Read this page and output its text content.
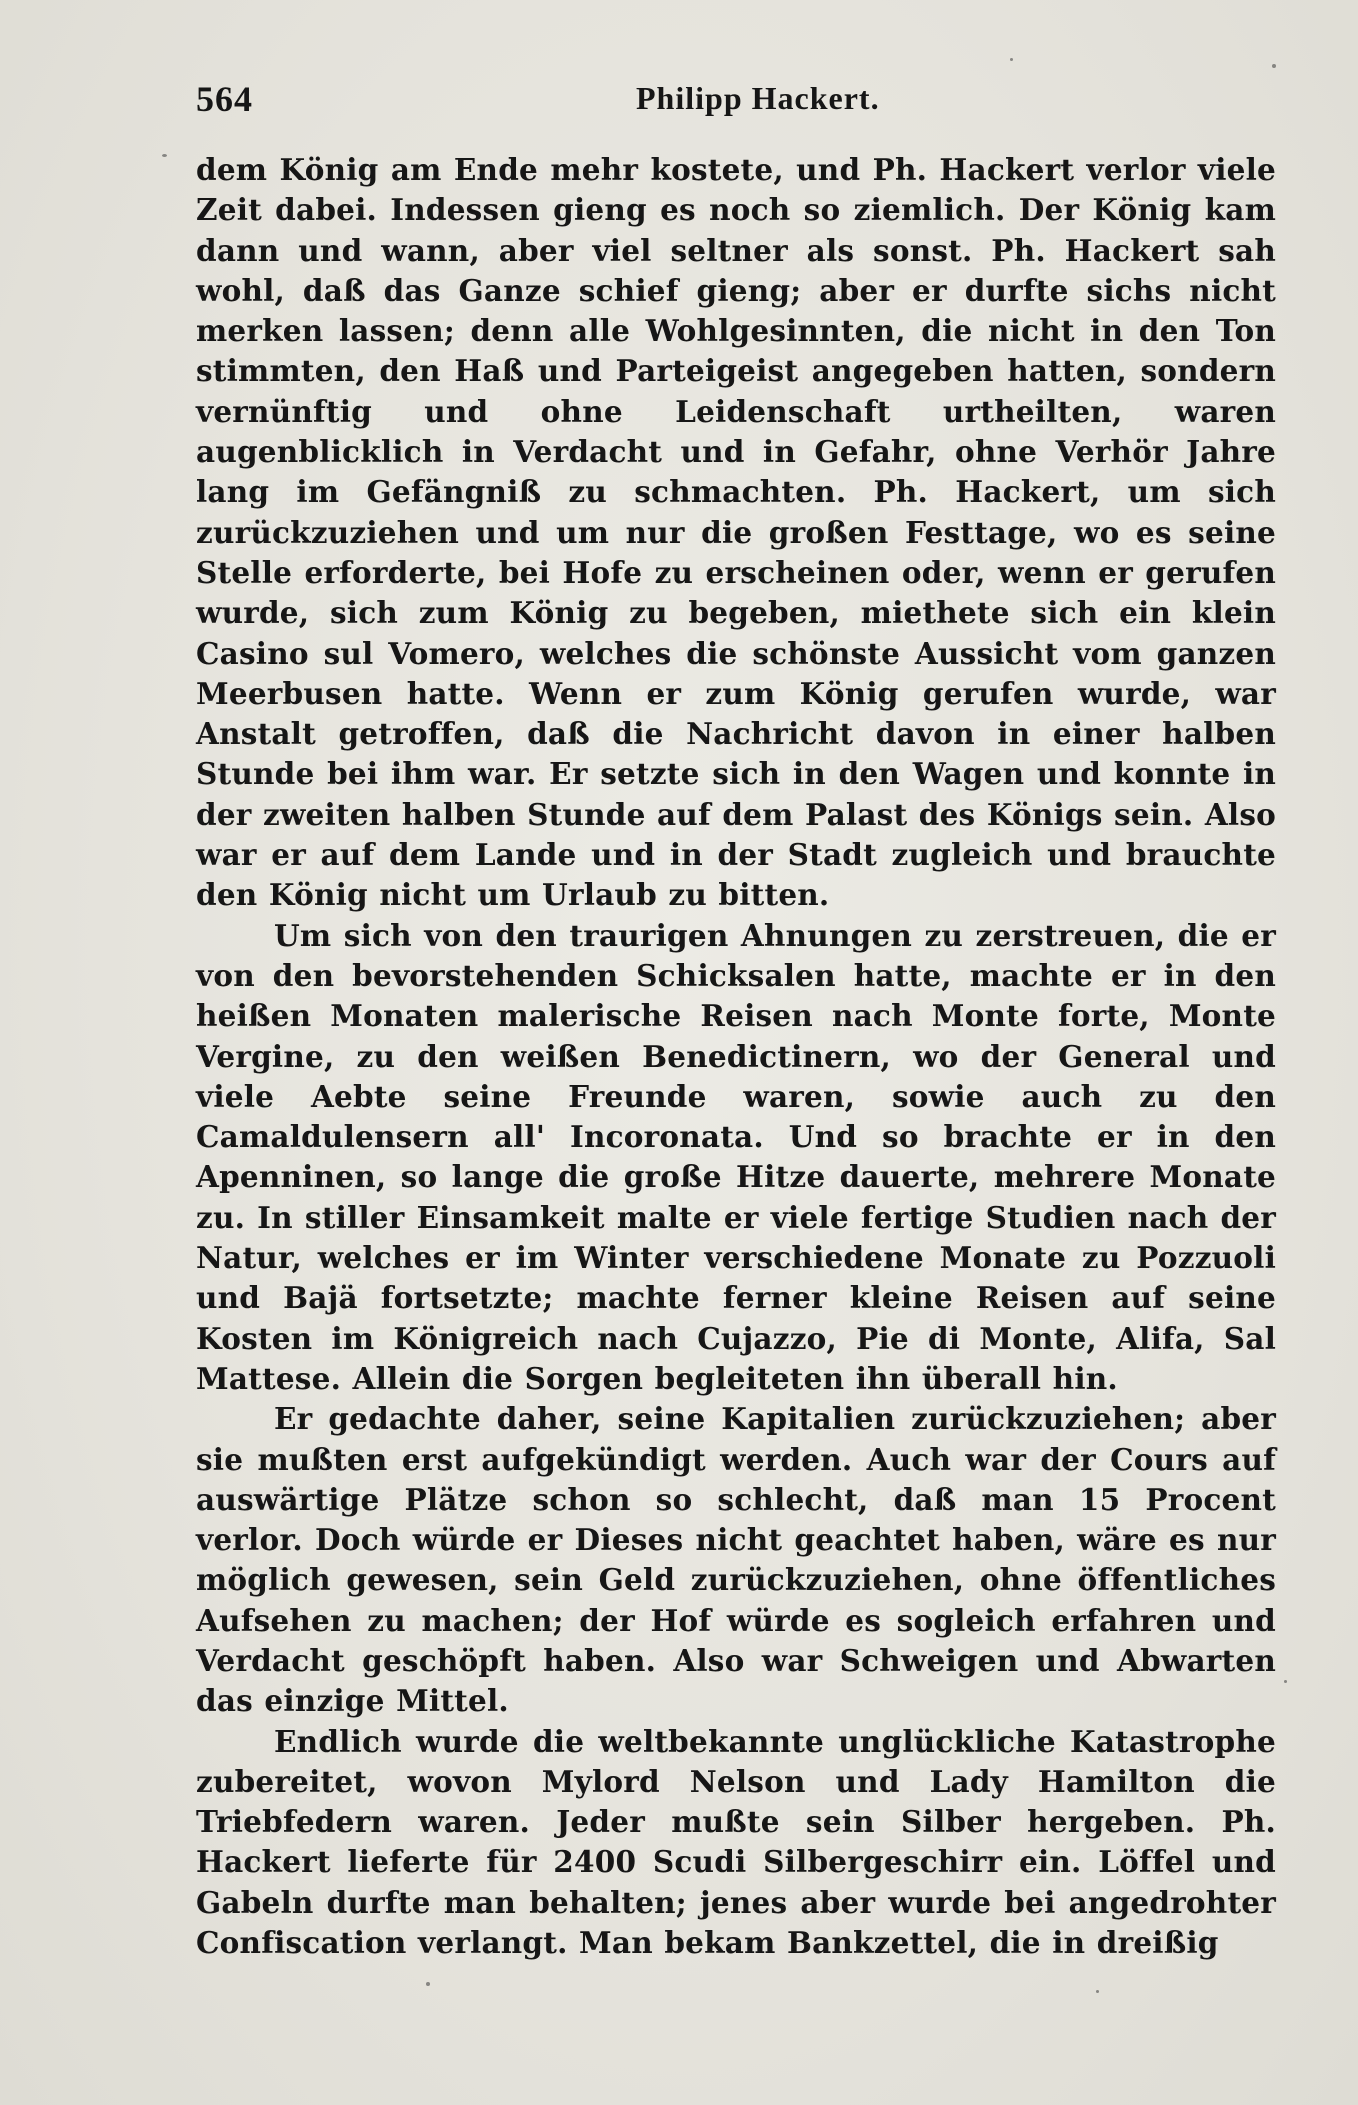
564	Philipp Hackert.

dem König am Ende mehr kostete, und Ph. Hackert verlor viele Zeit dabei. Indessen gieng es noch so ziemlich. Der König kam dann und wann, aber viel seltner als sonst. Ph. Hackert sah wohl, daß das Ganze schief gieng; aber er durfte sichs nicht merken lassen; denn alle Wohlgesinnten, die nicht in den Ton stimmten, den Haß und Parteigeist angegeben hatten, sondern vernünftig und ohne Leidenschaft urtheilten, waren augenblicklich in Verdacht und in Gefahr, ohne Verhör Jahre lang im Gefängniß zu schmachten. Ph. Hackert, um sich zurückzuziehen und um nur die großen Festtage, wo es seine Stelle erforderte, bei Hofe zu erscheinen oder, wenn er gerufen wurde, sich zum König zu begeben, miethete sich ein klein Casino sul Vomero, welches die schönste Aussicht vom ganzen Meerbusen hatte. Wenn er zum König gerufen wurde, war Anstalt getroffen, daß die Nachricht davon in einer halben Stunde bei ihm war. Er setzte sich in den Wagen und konnte in der zweiten halben Stunde auf dem Palast des Königs sein. Also war er auf dem Lande und in der Stadt zugleich und brauchte den König nicht um Urlaub zu bitten.

Um sich von den traurigen Ahnungen zu zerstreuen, die er von den bevorstehenden Schicksalen hatte, machte er in den heißen Monaten malerische Reisen nach Monte forte, Monte Vergine, zu den weißen Benedictinern, wo der General und viele Aebte seine Freunde waren, sowie auch zu den Camaldulensern all' Incoronata. Und so brachte er in den Apenninen, so lange die große Hitze dauerte, mehrere Monate zu. In stiller Einsamkeit malte er viele fertige Studien nach der Natur, welches er im Winter verschiedene Monate zu Pozzuoli und Bajä fortsetzte; machte ferner kleine Reisen auf seine Kosten im Königreich nach Cujazzo, Pie di Monte, Alifa, Sal Mattese. Allein die Sorgen begleiteten ihn überall hin.

Er gedachte daher, seine Kapitalien zurückzuziehen; aber sie mußten erst aufgekündigt werden. Auch war der Cours auf auswärtige Plätze schon so schlecht, daß man 15 Procent verlor. Doch würde er Dieses nicht geachtet haben, wäre es nur möglich gewesen, sein Geld zurückzuziehen, ohne öffentliches Aufsehen zu machen; der Hof würde es sogleich erfahren und Verdacht geschöpft haben. Also war Schweigen und Abwarten das einzige Mittel.

Endlich wurde die weltbekannte unglückliche Katastrophe zubereitet, wovon Mylord Nelson und Lady Hamilton die Triebfedern waren. Jeder mußte sein Silber hergeben. Ph. Hackert lieferte für 2400 Scudi Silbergeschirr ein. Löffel und Gabeln durfte man behalten; jenes aber wurde bei angedrohter Confiscation verlangt. Man bekam Bankzettel, die in dreißig
